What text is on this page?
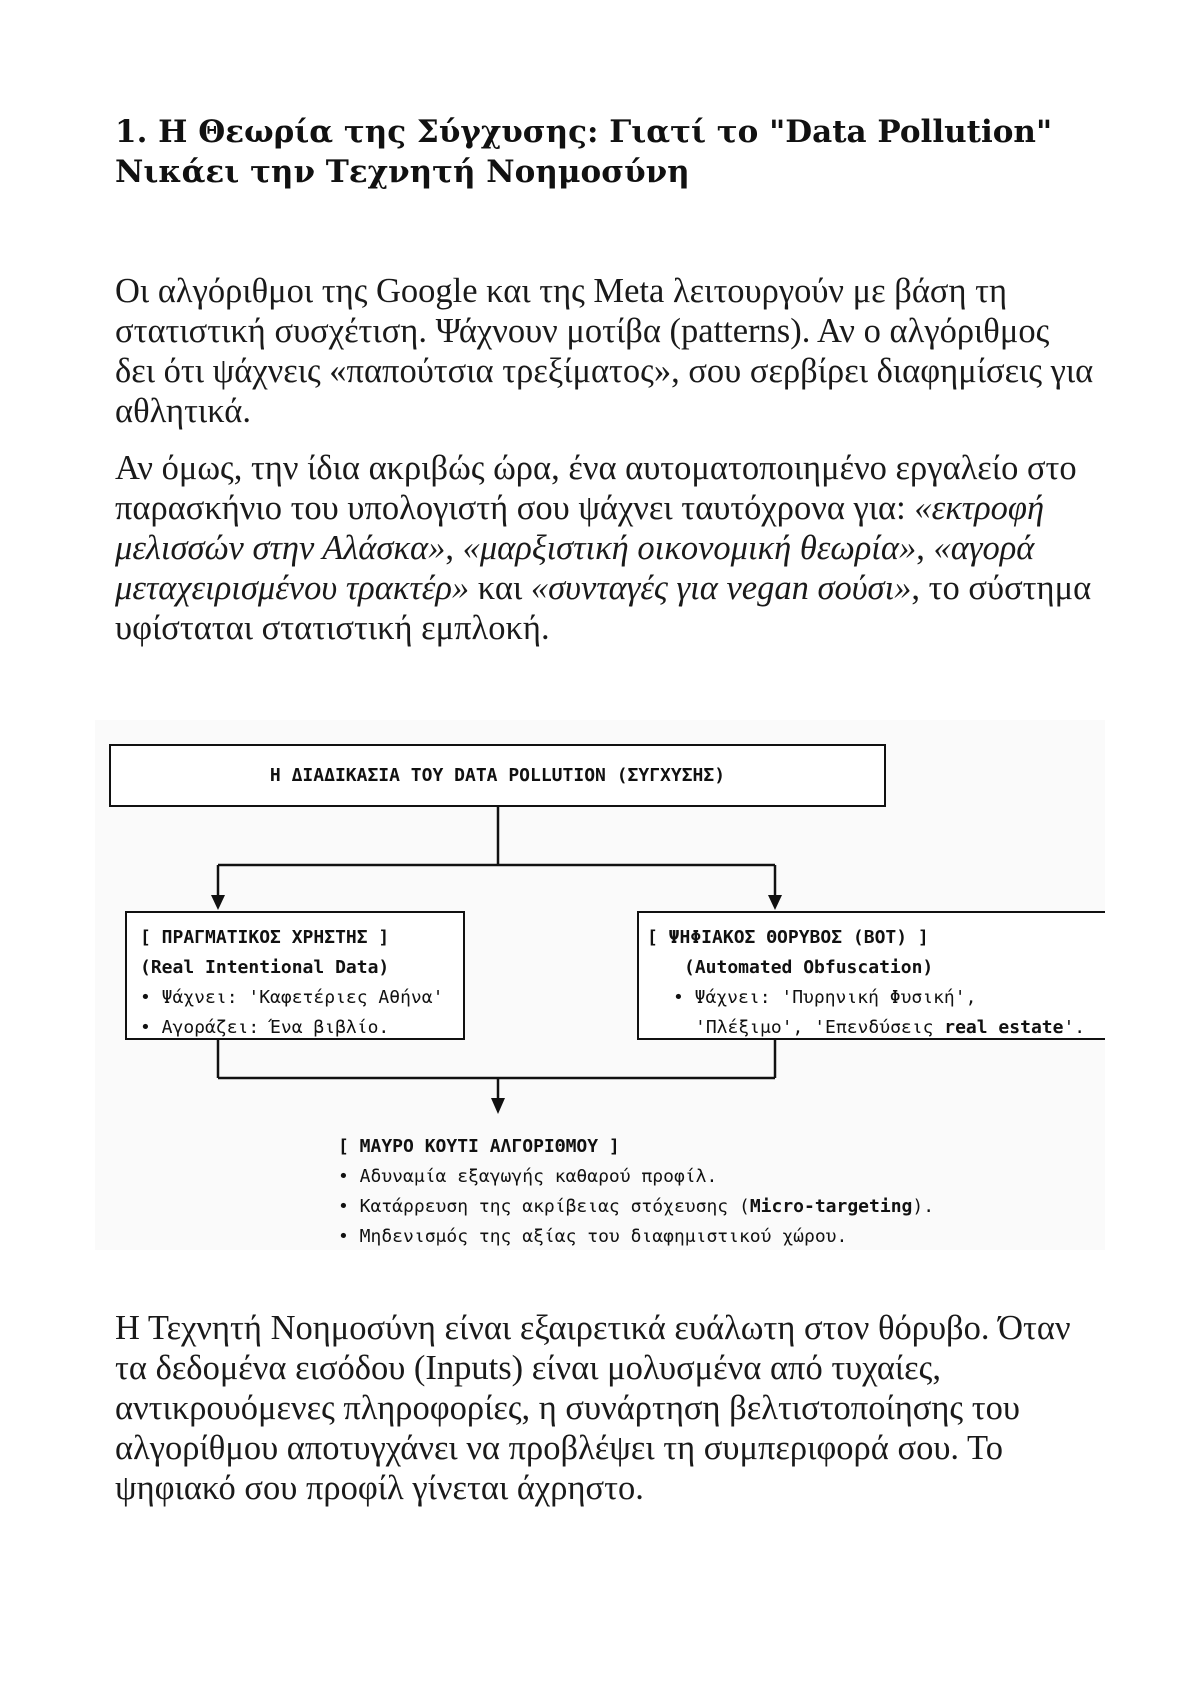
1. Η Θεωρία της Σύγχυσης: Γιατί το "Data Pollution" Νικάει την Τεχνητή Νοημοσύνη

Οι αλγόριθμοι της Google και της Meta λειτουργούν με βάση τη στατιστική συσχέτιση. Ψάχνουν μοτίβα (patterns). Αν ο αλγόριθμος δει ότι ψάχνεις «παπούτσια τρεξίματος», σου σερβίρει διαφημίσεις για αθλητικά.

Αν όμως, την ίδια ακριβώς ώρα, ένα αυτοματοποιημένο εργαλείο στο παρασκήνιο του υπολογιστή σου ψάχνει ταυτόχρονα για: «εκτροφή μελισσών στην Αλάσκα», «μαρξιστική οικονομική θεωρία», «αγορά μεταχειρισμένου τρακτέρ» και «συνταγές για vegan σούσι», το σύστημα υφίσταται στατιστική εμπλοκή.

Η ΔΙΑΔΙΚΑΣΙΑ ΤΟΥ DATA POLLUTION (ΣΥΓΧΥΣΗΣ)
[ ΠΡΑΓΜΑΤΙΚΟΣ ΧΡΗΣΤΗΣ ]
(Real Intentional Data)
• Ψάχνει: 'Καφετέριες Αθήνα'
• Αγοράζει: Ένα βιβλίο.
[ ΨΗΦΙΑΚΟΣ ΘΟΡΥΒΟΣ (BOT) ]
(Automated Obfuscation)
• Ψάχνει: 'Πυρηνική Φυσική',
'Πλέξιμο', 'Επενδύσεις real estate'.
[ ΜΑΥΡΟ ΚΟΥΤΙ ΑΛΓΟΡΙΘΜΟΥ ]
• Αδυναμία εξαγωγής καθαρού προφίλ.
• Κατάρρευση της ακρίβειας στόχευσης (Micro-targeting).
• Μηδενισμός της αξίας του διαφημιστικού χώρου.

Η Τεχνητή Νοημοσύνη είναι εξαιρετικά ευάλωτη στον θόρυβο. Όταν τα δεδομένα εισόδου (Inputs) είναι μολυσμένα από τυχαίες, αντικρουόμενες πληροφορίες, η συνάρτηση βελτιστοποίησης του αλγορίθμου αποτυγχάνει να προβλέψει τη συμπεριφορά σου. Το ψηφιακό σου προφίλ γίνεται άχρηστο.
